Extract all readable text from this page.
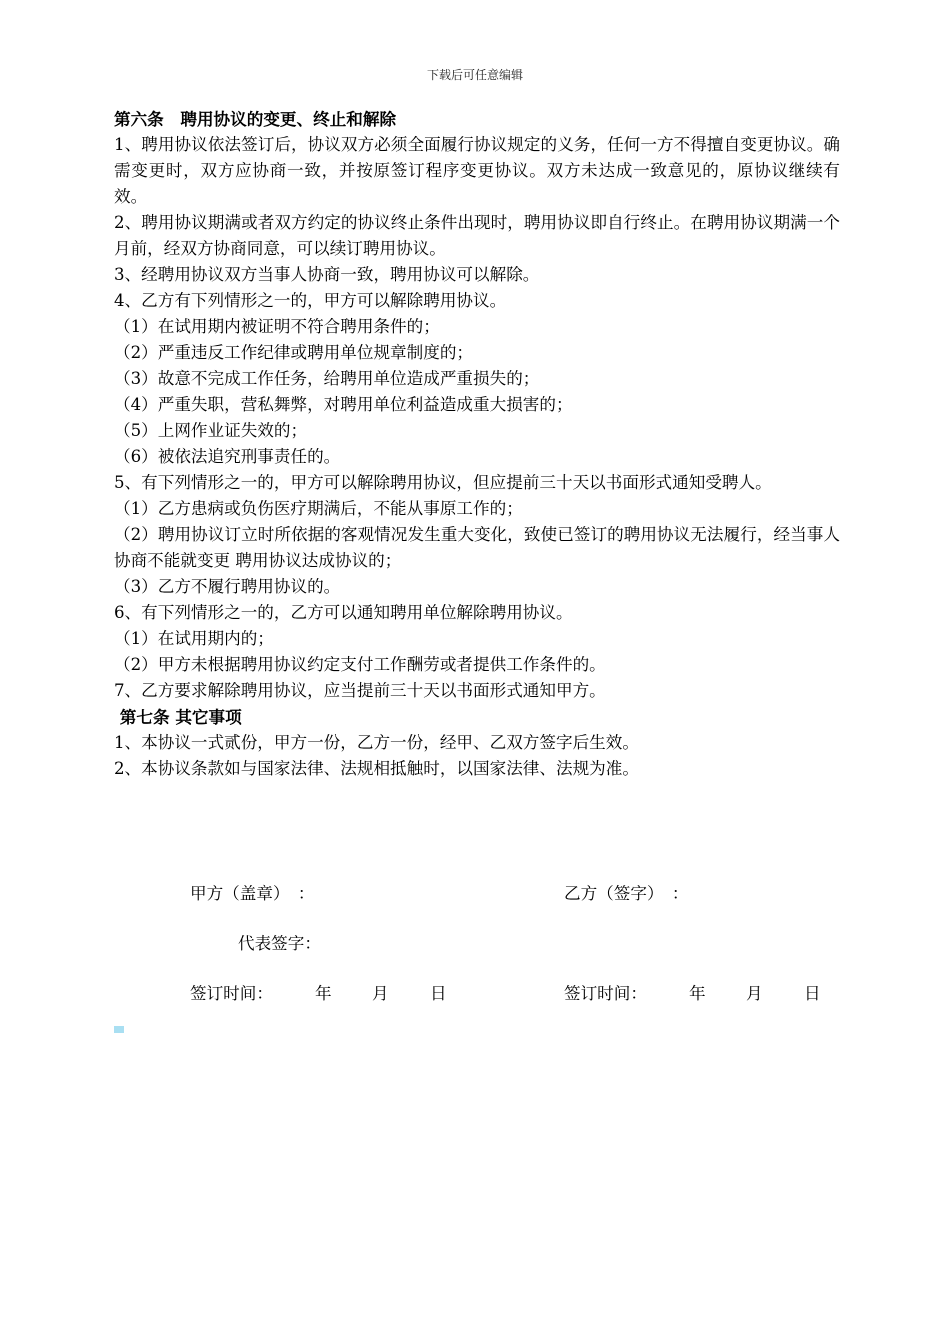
下载后可任意编辑
第六条　聘用协议的变更、终止和解除
1、聘用协议依法签订后，协议双方必须全面履行协议规定的义务，任何一方不得擅自变更协议。确需变更时，双方应协商一致，并按原签订程序变更协议。双方未达成一致意见的，原协议继续有效。
2、聘用协议期满或者双方约定的协议终止条件出现时，聘用协议即自行终止。在聘用协议期满一个月前，经双方协商同意，可以续订聘用协议。
3、经聘用协议双方当事人协商一致，聘用协议可以解除。
4、乙方有下列情形之一的，甲方可以解除聘用协议。
（1）在试用期内被证明不符合聘用条件的；
（2）严重违反工作纪律或聘用单位规章制度的；
（3）故意不完成工作任务，给聘用单位造成严重损失的；
（4）严重失职，营私舞弊，对聘用单位利益造成重大损害的；
（5）上网作业证失效的；
（6）被依法追究刑事责任的。
5、有下列情形之一的，甲方可以解除聘用协议，但应提前三十天以书面形式通知受聘人。
（1）乙方患病或负伤医疗期满后，不能从事原工作的；
（2）聘用协议订立时所依据的客观情况发生重大变化，致使已签订的聘用协议无法履行，经当事人协商不能就变更 聘用协议达成协议的；
（3）乙方不履行聘用协议的。
6、有下列情形之一的，乙方可以通知聘用单位解除聘用协议。
（1）在试用期内的；
（2）甲方未根据聘用协议约定支付工作酬劳或者提供工作条件的。
7、乙方要求解除聘用协议，应当提前三十天以书面形式通知甲方。
第七条 其它事项
1、本协议一式贰份，甲方一份，乙方一份，经甲、乙双方签字后生效。
2、本协议条款如与国家法律、法规相抵触时，以国家法律、法规为准。
甲方（盖章）　：	乙方（签字）　：
代表签字：
签订时间：	年 月 日	签订时间：	年 月 日
